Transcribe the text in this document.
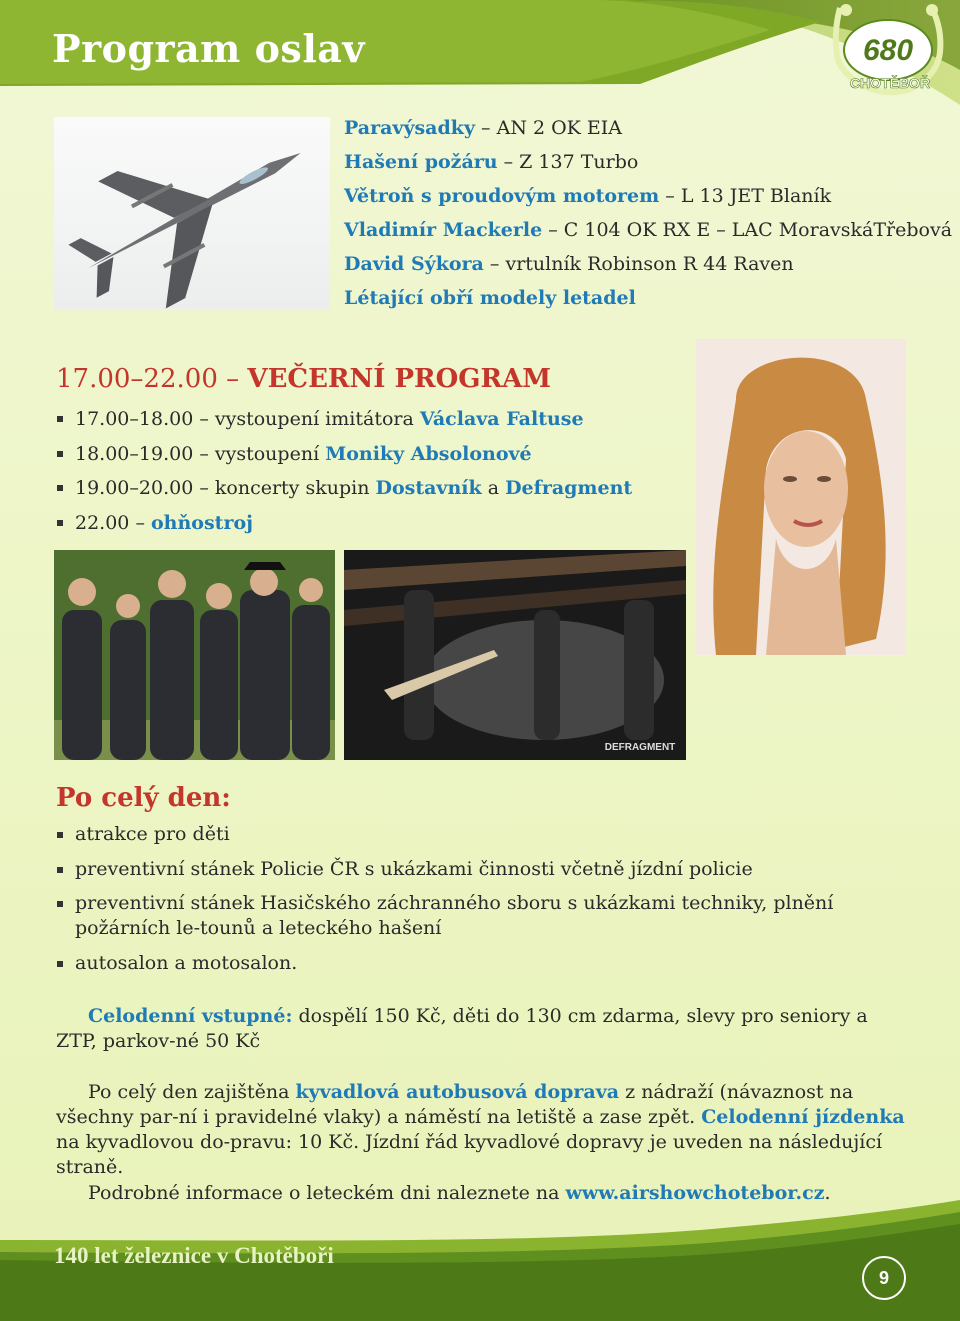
Program oslav	680
CHOTĚBOŘ
Paravýsadky – AN 2 OK EIA
Hašení požáru – Z 137 Turbo
Větroň s proudovým motorem – L 13 JET Blaník
Vladimír Mackerle – C 104 OK RX E – LAC MoravskáTřebová
David Sýkora – vrtulník Robinson R 44 Raven
Létající obří modely letadel
17.00–22.00 – VEČERNÍ PROGRAM
17.00–18.00 – vystoupení imitátora Václava Faltuse
18.00–19.00 – vystoupení Moniky Absolonové
19.00–20.00 – koncerty skupin Dostavník a Defragment
22.00 – ohňostroj
DEFRAGMENT
Po celý den:
atrakce pro děti
preventivní stánek Policie ČR s ukázkami činnosti včetně jízdní policie
preventivní stánek Hasičského záchranného sboru s ukázkami techniky, plnění požárních le-tounů a leteckého hašení
autosalon a motosalon.

Celodenní vstupné: dospělí 150 Kč, děti do 130 cm zdarma, slevy pro seniory a ZTP, parkov-né 50 Kč

Po celý den zajištěna kyvadlová autobusová doprava z nádraží (návaznost na všechny par-ní i pravidelné vlaky) a náměstí na letiště a zase zpět. Celodenní jízdenka na kyvadlovou do-pravu: 10 Kč. Jízdní řád kyvadlové dopravy je uveden na následující straně.

Podrobné informace o leteckém dni naleznete na www.airshowchotebor.cz.

140 let železnice v Chotěboři
9
